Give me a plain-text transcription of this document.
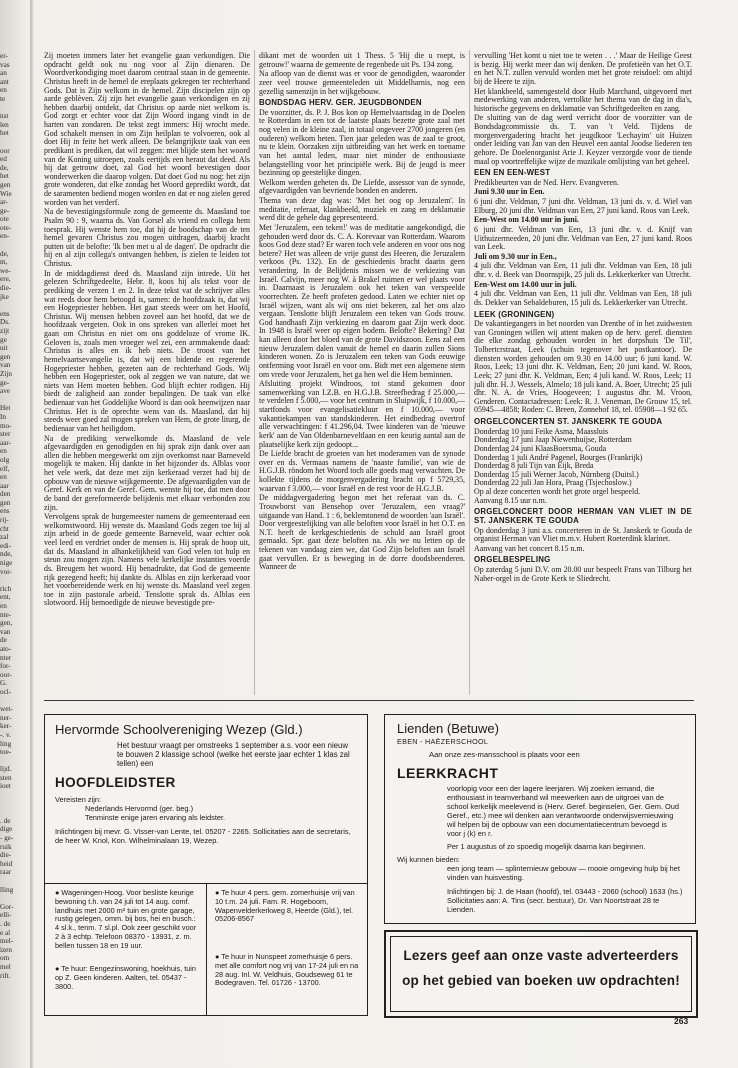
er-
vas
an
ant
en
te

nst
len
het

oor
ed
de,
het
gen
Wie
ar-
ge-
ote
ote-
en-

de,
m,
we-
ere,
die-
jke

ens
Ds.
zijt
ge
uit
gen
van
Zijn
ge-
ave

Het
In
mo-
ster
aar-
en
olg
elf,
en
aar
den
gen
ens
rij-
cht
zal
edi-
nde,
nige
vor-

rich
ent,
en
nte-
gen,
van
de
ato-
nter
for-
oor-
G.
ocl-

wet-
ner-
ker-
-. v.
ling
toe-

lijd.
sten
ioet

. de
dige
- ge-
ruik
die-
heid
raar

lling

Gor-
elli-
. de
e al
mel-
izen
om
mel
rift.

Zij moeten immers later het evangelie gaan verkondigen. Die opdracht geldt ook nu nog voor al Zijn dienaren. De Woordverkondiging moet daarom centraal staan in de gemeente. Christus heeft in de hemel de ereplaats gekregen ter rechterhand Gods. Dat is Zijn welkom in de hemel. Zijn discipelen zijn op aarde geblèven. Zij zijn het evangelie gaan verkondigen en zij hebben daarbij ontdekt, dat Christus op aarde niet welkom is. God zorgt er echter voor dat Zijn Woord ingang vindt in de harten van zondaren. De tekst zegt immers: Hij wrocht mede. God schakelt mensen in om Zijn heilplan te volvoeren, ook al doet Hij in feite het werk alleen. De belangrijkste taak van een predikant is prediken, dat wil zeggen: met blijde stem het woord van de Koning uitroepen, zoals eertijds een heraut dat deed. Als hij dat getrouw doet, zal God het woord bevestigen door wonderwerken die daarop volgen. Dat doet God nu nog: het zijn grote wonderen, dat elke zondag het Woord gepredikt wordt, dat de saramenten bediend mogen worden en dat er nog zielen gered worden van het verderf.

Na de bevestigingsformule zong de gemeente ds. Maasland toe Psalm 90 : 9, waarna ds. Van Gorsel als vriend en collega hem toesprak. Hij wenste hem toe, dat hij de boodschap van de ten hemel gevaren Christus zou mogen uitdragen, daarbij kracht putten uit de belofte: 'Ik ben met u al de dagen'. De opdracht die hij en al zijn collega's ontvangen hebben, is zielen te leiden tot Christus.

In de middagdienst deed ds. Maasland zijn intrede. Uit het gelezen Schriftgedeelte, Hebr. 8, koos hij als tekst voor de prediking de verzen 1 en 2. In deze tekst vat de schrijver alles wat reeds door hem betoogd is, samen: de hoofdzaak is, dat wij een Hogepriester hebben. Het gaat steeds weer om het Hoofd, Christus. Wij mensen hebben zoveel aan het hoofd, dat we de hoofdzaak vergeten. Ook in ons spreken van allerlei moet het gaan om Christus en niet om ons goddeloze of vrome IK. Geloven is, zoals men vroeger wel zei, een armmakende daad: Christus is alles en ik heb niets. De troost van het hemelvaartsevangelie is, dat wij een bidende en regerende Hogepriester hebben, gezeten aan de rechterhand Gods. Wij hebben een Hogepriester, ook al zeggen we van nature, dat we niets van Hem moeten hebben. God blijft echter rodigen. Hij biedt de zaligheid aan zonder bepalingen. De taak van elke bedienaar van het Goddelijke Woord is dan ook heenwijzen naar Christus. Het is de oprechte wens van ds. Maasland, dat hij steeds weer goed zal mogen spreken van Hem, de grote liturg, de bedienaar van het heiligdom.

Na de prediking verwelkomde ds. Maasland de vele afgevaardigden en genodigden en hij sprak zijn dank over aan allen die hebben meegewerkt om zijn overkomst naar Barneveld mogelijk te maken. Hij dankte in het bijzonder ds. Alblas voor het vele werk, dat deze met zijn kerkeraad verzet had bij de opbouw van de nieuwe wijkgemeente. De afgevaardigden van de Geref. Kerk en van de Geref. Gem. wenste hij toe, dat men door de band der gereformeerde belijdenis met elkaar verbonden zou zijn.

Vervolgens sprak de burgemeester namens de gemeenteraad een welkomstwoord. Hij wenste ds. Maasland Gods zegen toe bij al zijn arbeid in de goede gemeente Barneveld, waar echter ook veel leed en verdriet onder de mensen is. Hij sprak de hoop uit, dat ds. Maasland in alhankelijkheid van God velen tot hulp en steun zou mogen zijn. Namens vele kerkelijke instanties voerde ds. Breugem het woord. Hij benadrukte, dat God de gemeente rijk gezegend heeft; hij dankte ds. Alblas en zijn kerkeraad voor het voorbereidende werk en hij wenste ds. Maasland veel zegen toe in zijn pastorale arbeid. Tenslotte sprak ds. Alblas een slotwoord. Hij bemoedigde de nieuwe bevestigde pre-

dikant met de woorden uit 1 Thess. 5 'Hij die u roept, is getrouw!' waarna de gemeente de regenbede uit Ps. 134 zong.

Na afloop van de dienst was er voor de genodigden, waaronder zeer veel trouwe gemeenteleden uit Middelharnis, nog een gezellig samenzijn in het wijkgebouw.

BONDSDAG HERV. GER. JEUGDBONDEN

De voorzitter, ds. P. J. Bos kon op Hemelvaartsdag in de Doelen te Rotterdam in een tot de laatste plaats bezette grote zaal met nog velen in de kleine zaal, in totaal ongeveer 2700 jongeren (en ouderen) welkom heten. Tien jaar geleden was de zaal te groot, nu te klein. Oorzaken zijn uitbreiding van het werk en toename van het aantal leden, maar niet minder de enthousiaste belangstelling voor het principiële werk. Bij de jeugd is meer bezinning op geestelijke dingen.

Welkom werden geheten ds. De Liefde, assessor van de synode, afgevaardigden van bevriende bonden en anderen.

Thema van deze dag was: 'Met het oog op Jeruzalem'. In meditatie, referaat, klankbeeld, muziek en zang en deklamatie werd dit de gehele dag gepresenteerd.

Met 'Jeruzalem, een teken!' was de meditatie aangekondigd, die gehouden werd door ds. C. A. Korevaar van Rotterdam. Waarom koos God deze stad? Er waren toch vele anderen en voor ons nog betere? Het was alleen de vrije gunst des Heeren, die Jeruzalem verkoos (Ps. 132). En de geschiedenis bracht daarin geen verandering. In de Belijdenis missen we de verkiezing van Israël. Calvijn, meer nog W. à Brakel ruimen er wel plaats voor in. Daarnaast is Jeruzalem ook het teken van verspeelde voorrechten. Ze heeft profeten gedood. Laten we echter niet op Israël wijzen, want als wij ons niet bekeren, zal het ons alzo vergaan. Tenslotte blijft Jeruzalem een teken van Gods trouw. God handhaaft Zijn verkiezing en daarom gaat Zijn werk door. In 1948 is Israël weer op eigen bodem. Belofte? Bekering? Dat kan alleen door het bloed van de grote Davidszoon. Eens zal een nieuw Jeruzalem dalen vanuit de hemel en daarin zullen Sions kinderen wonen. Zo is Jeruzalem een teken van Gods eeuwige ontferming voor Israël en voor ons. Bidt met een algemene stem om vrede voor Jeruzalem, het ga hen wel die Hem beminnen.

Afsluiting projekt Windroos, tot stand gekomen door samenwerking van I.Z.B. en H.G.J.B. Streefbedrag f 25.000,— te verdelen f 5.000,— voor het centrum in Sluipwijk, f 10.000,— startfonds voor evangelisatiekluur en f 10.000,— voor vakantiekampen van standskinderen. Het eindbedrag overtrof alle verwachtingen: f 41.296,04. Twee kinderen van de 'nieuwe kerk' aan de Van Oldenbarneveltlaan en een keurig aantal aan de plaatselijke kerk zijn gedoopt...

De Liefde bracht de groeten van het moderamen van de synode over en ds. Vermaas namens de 'naaste familie', van wie de H.G.J.B. röndom het Woord toch alle goeds mag verwachten. De kollekte tijdens de morgenvergadering bracht op f 5729,35, waarvan f 3.000,— voor Israël en de rest voor de H.G.J.B.

De middagvergadering begon met het referaat van ds. C. Trouwborst van Bensehop over 'Jeruzalem, een vraag?' uitgaande van Hand. 1 : 6, beklemtonend de woorden 'aan Israël'. Door vergeestelijking van alle beloften voor Israël in het O.T. en N.T. heeft de kerkgeschiedenis de schuld aan Israël groot gemaakt. Spr. gaat deze beloften na. Als we nu letten op de tekenen van vandaag zien we, dat God Zijn beloften aan Israël gaat vervullen. Er is beweging in de dorre doodsbeenderen. Wanneer de

vervulling 'Het komt u niet toe te weten . . .' Maar de Heilige Geest is bezig. Hij werkt meer dan wij denken. De profetieën van het O.T. en het N.T. zullen vervuld worden met het grote reisdoel: om altijd bij de Heere te zijn.

Het klankbeeld, samengesteld door Huib Marchand, uitgevoerd met medewerking van anderen, vertolkte het thema van de dag in dia's, historische gegevens en deklamatie van Schriftgedeelten en zang.

De sluiting van de dag werd verricht door de voorzitter van de Bondsdagcommissie ds. T. van 't Veld. Tijdens de morgenvergadering bracht het jeugdkoor 'Lechayim' uit Huizen onder leiding van Jan van den Heuvel een aantal Joodse liederen ten gehore. De Doelenorganist Arie J. Keyzer verzorgde voor de tiende maal op voortreffelijke wijze de muzikale omlijsting van het geheel.

EEN EN EEN-WEST

Predikbeurten van de Ned. Herv. Evangveren.

Juni 9.30 uur in Een.

6 juni dhr. Veldman, 7 juni dhr. Veldman, 13 juni ds. v. d. Wiel van Elburg, 20 juni dhr. Veldman van Een, 27 juni kand. Roos van Leek.

Een-West om 14.00 uur in juni.

6 juni dhr. Veldman van Een, 13 juni dhr. v. d. Knijf van Uithuizermeeden, 20 juni dhr. Veldman van Een, 27 juni kand. Roos van Leek.

Juli om 9.30 uur in Een.,

4 juli dhr. Veldman van Een, 11 juli dhr. Veldman van Een, 18 juli dhr. v. d. Beek van Doornspijk, 25 juli ds. Lekkerkerker van Utrecht.

Een-West om 14.00 uur in juli.

4 juli dhr. Veldman van Een, 11 juli dhr. Veldman van Een, 18 juli ds. Dekker van Sebaldeburen, 15 juli ds. Lekkerkerker van Utrecht.

LEEK (GRONINGEN)

De vakantiegangers in het noorden van Drenthe of in het zuidwesten van Groningen willen wij attent maken op de herv. geref. diensten die elke zondag gehouden worden in het dorpshuis 'De Til', Tolbertcrstraat, Leek (schuin tegenover het postkantoor). De diensten worden gehouden om 9.30 en 14.00 uur; 6 juni kand. W. Roos, Leek; 13 juni dhr. K. Veldman, Een; 20 juni kand. W. Roos, Leek; 27 juni dhr. K. Veldman, Een; 4 juli kand. W. Roos, Leek; 11 juli dhr. H. J. Wessels, Almelo; 18 juli kand. A. Boer, Utrecht; 25 juli dhr. N. A. de Vries, Hoogeveen; 1 augustus dhr. M. Vroon, Genderen. Contactadressen: Leek: R. J. Veneman, De Grouw 15, tel. 05945—4858; Roden: C. Breen, Zonnehof 18, tel. 05908—1 92 65.

ORGELCONCERTEN ST. JANSKERK TE GOUDA
Donderdag 10 juni Feike Asma, Maassluis
Donderdag 17 juni Jaap Niewenhuijse, Rotterdam
Donderdag 24 juni KlaasBoersma, Gouda
Donderdag 1 juli André Pagenel, Bourges (Frankrijk)
Donderdag 8 juli Tijn van Eijk, Breda
Donderdag 15 juli Werner Jacob, Nürnberg (Duitsl.)
Donderdag 22 juli Jan Hora, Praag (Tsjechoslow.)
Op al deze concerten wordt het grote orgel bespeeld.
Aanvang 8.15 uur n.m.
ORGELCONCERT DOOR HERMAN VAN VLIET IN DE ST. JANSKERK TE GOUDA

Op donderdag 3 juni a.s. concerteren in de St. Janskerk te Gouda de organist Herman van Vliet m.m.v. Hubert Roeterdink klarinet.

Aanvang van het concert 8.15 n.m.

ORGELBESPELING

Op zaterdag 5 juni D.V. om 20.00 uur bespeelt Frans van Tilburg het Naber-orgel in de Grote Kerk te Sliedrecht.

Hervormde Schoolvereniging Wezep (Gld.)
Het bestuur vraagt per omstreeks 1 september a.s. voor een nieuw te bouwen 2 klassige school (welke het eerste jaar echter 1 klas zal tellen) een
HOOFDLEIDSTER
Vereisten zijn:
Nederlands Hervormd (ger. beg.)
Tenminste enige jaren ervaring als leidster.
Inlichtingen bij mevr. G. Visser-van Lente, tel. 05207 - 2265. Sollicitaties aan de secretaris, de heer W. Knol, Kon. Wilhelminalaan 19, Wezep.
● Wageningen-Hoog. Voor besliste keurige bewoning t.h. van 24 juli tot 14 aug. comf. landhuis met 2000 m² tuin en grote garage, rustig gelegen, omm. bij bos, hei en busch.: 4 sl.k., tenm. 7 sl.pl. Ook zeer geschikt voor 2 à 3 echtp. Telefoon 08370 - 13931, z. m. bellen tussen 18 en 19 uur.
● Te huur 4 pers. gem. zomerhuisje vrij van 10 t.m. 24 juli. Fam. R. Hogeboom, Wapenvelderkerkweg 8, Heerde (Gld.), tel. 05206-8567
● Te huur: Eengezinswoning, hoekhuis, tuin op Z. Geen kinderen. Aalten, tel. 05437 - 3800.
● Te huur in Nunspeet zomerhuisje 6 pers. met alle comfort nog vrij van 17-24 juli en na 28 aug. Inl. W. Veldhuis, Goudseweg 61 te Bodegraven. Tel. 01726 - 13700.
Lienden (Betuwe)
EBEN - HAËZERSCHOOL
Aan onze zes-mansschool is plaats voor een
LEERKRACHT
voorlopig voor een der lagere leerjaren. Wij zoeken iemand, die enthousiast in teamverband wil meewerken aan de uitgroei van de school kerkelijk meelevend is (Herv. Geref. beginselen, Ger. Gem. Oud Geref., etc.) mee wil denken aan verantwoorde onderwijsvernieuwing wil helpen bij de opbouw van een documentatiecentrum bevoegd is voor j (k) en r.
Per 1 augustus of zo spoedig mogelijk daarna kan beginnen.
Wij kunnen bieden:
een jong team — splinternieuw gebouw — mooie omgeving hulp bij het vinden van huisvesting.
Inlichtingen bij: J. de Haan (hoofd), tel. 03443 - 2060 (school) 1633 (hs.) Sollicitaties aan: A. Tins (secr. bestuur), Dr. Van Noortstraat 28 te Lienden.
Lezers geef aan onze vaste adverteerders
op het gebied van boeken uw opdrachten!
263
